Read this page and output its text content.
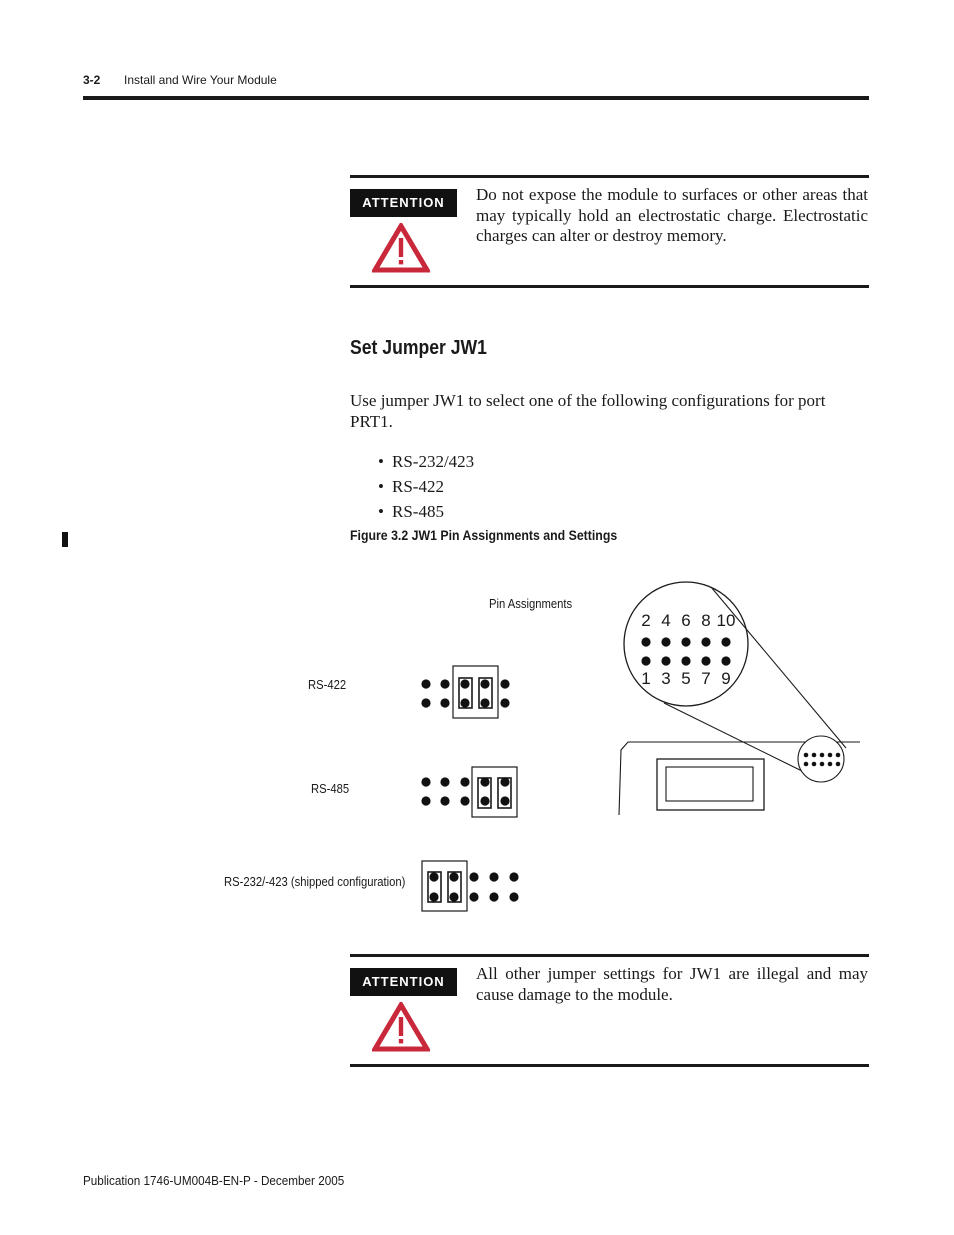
3-2 Install and Wire Your Module
ATTENTION	Do not expose the module to surfaces or other areas that may typically hold an electrostatic charge. Electrostatic charges can alter or destroy memory.
Set Jumper JW1
Use jumper JW1 to select one of the following configurations for port PRT1.
• RS-232/423
• RS-422
• RS-485
Figure 3.2 JW1 Pin Assignments and Settings
2 4 6 8 10
1 3 5 7 9
Pin Assignments
RS-422
RS-485
RS-232/-423 (shipped configuration)
ATTENTION	All other jumper settings for JW1 are illegal and may cause damage to the module.
Publication 1746-UM004B-EN-P - December 2005
